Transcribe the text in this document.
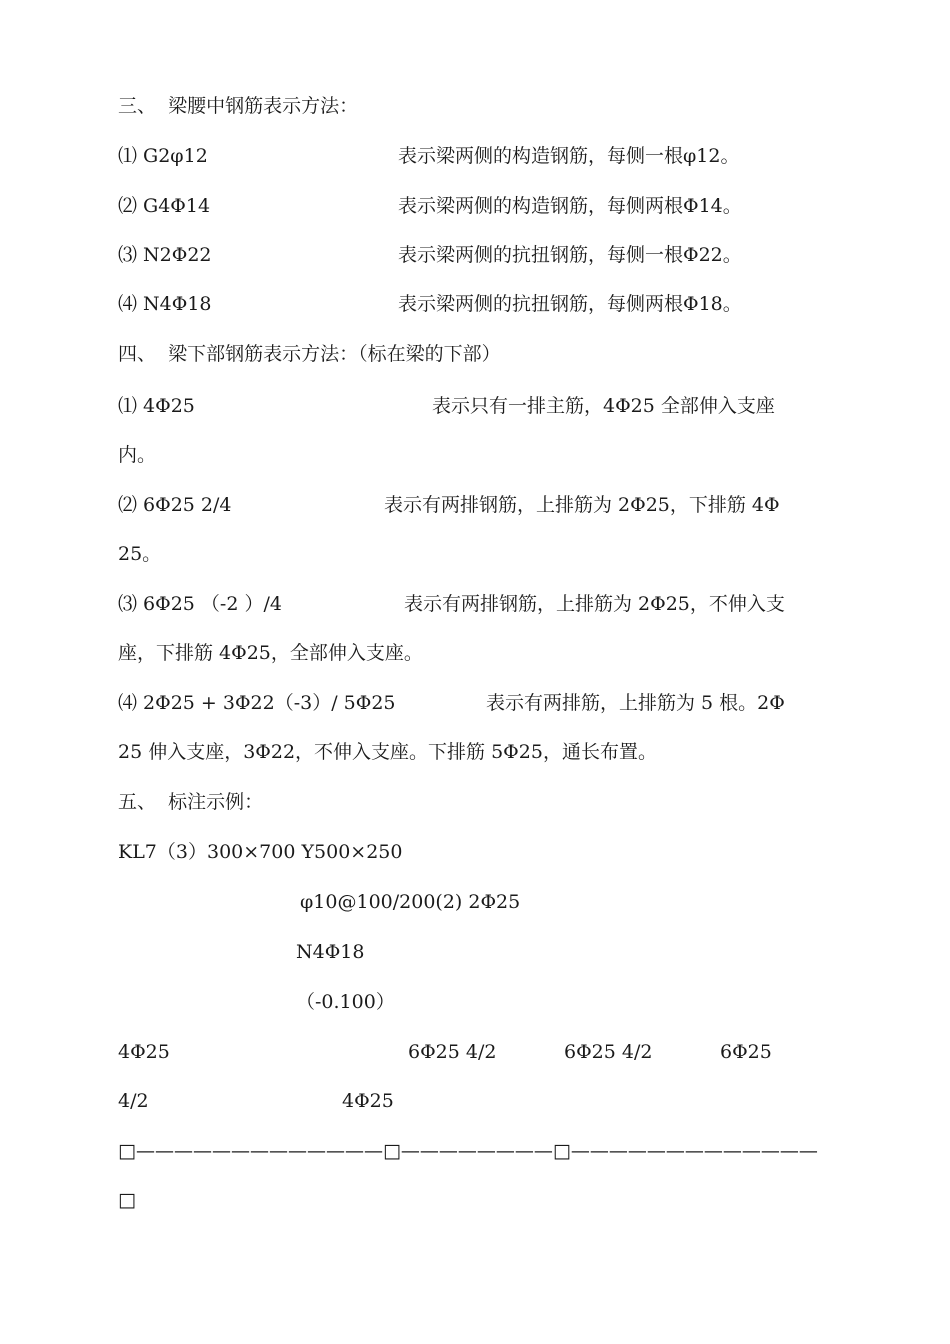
三、  梁腰中钢筋表示方法：
⑴ G2φ12	表示梁两侧的构造钢筋，每侧一根φ12。
⑵ G4Φ14	表示梁两侧的构造钢筋，每侧两根Φ14。
⑶ N2Φ22	表示梁两侧的抗扭钢筋，每侧一根Φ22。
⑷ N4Φ18	表示梁两侧的抗扭钢筋，每侧两根Φ18。
四、  梁下部钢筋表示方法：（标在梁的下部）
⑴ 4Φ25	表示只有一排主筋，4Φ25 全部伸入支座
内。
⑵ 6Φ25 2/4	表示有两排钢筋，上排筋为 2Φ25，下排筋 4Φ
25。
⑶ 6Φ25 （-2 ）/4	表示有两排钢筋，上排筋为 2Φ25，不伸入支
座，下排筋 4Φ25，全部伸入支座。
⑷ 2Φ25 + 3Φ22（-3）/ 5Φ25	表示有两排筋，上排筋为 5 根。2Φ
25 伸入支座，3Φ22，不伸入支座。下排筋 5Φ25，通长布置。
五、  标注示例：
KL7（3）300×700 Y500×250
φ10@100/200(2) 2Φ25
N4Φ18
（-0.100）
4Φ25	6Φ25 4/2	6Φ25 4/2	6Φ25
4/2	4Φ25
□—————————————□————————□—————————————
□
